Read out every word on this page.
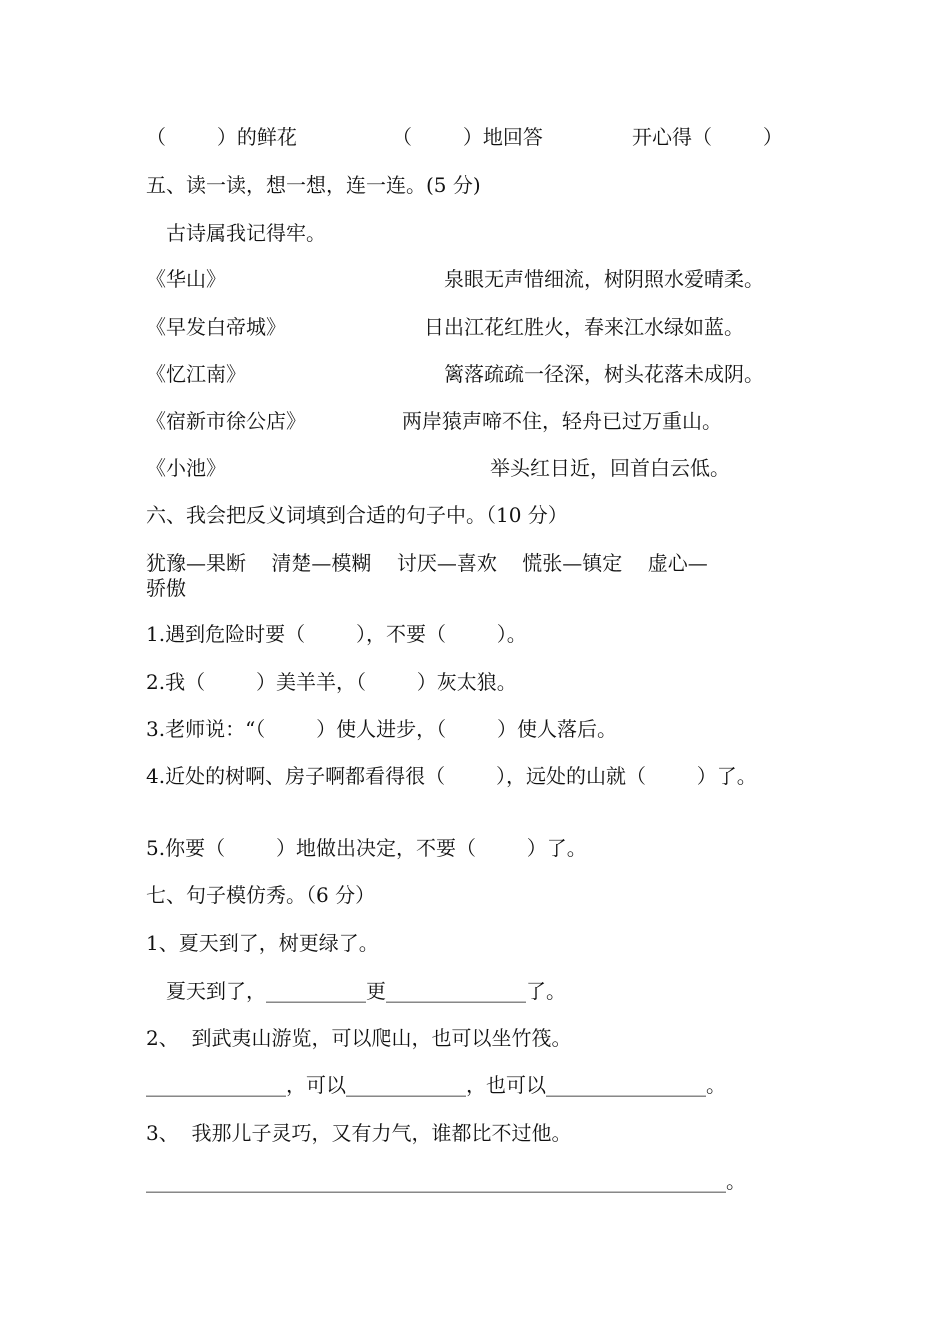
（        ）的鲜花	（        ）地回答	开心得（        ）
五、读一读，想一想，连一连。(5 分)
古诗属我记得牢。
《华山》	泉眼无声惜细流，树阴照水爱晴柔。
《早发白帝城》	日出江花红胜火，春来江水绿如蓝。
《忆江南》	篱落疏疏一径深，树头花落未成阴。
《宿新市徐公店》	两岸猿声啼不住，轻舟已过万重山。
《小池》	举头红日近，回首白云低。
六、我会把反义词填到合适的句子中。（10 分）
犹豫—果断    清楚—模糊    讨厌—喜欢    慌张—镇定    虚心—
骄傲
1.遇到危险时要（        ），不要（        ）。
2.我（        ）美羊羊，（        ）灰太狼。
3.老师说：“（        ）使人进步，（        ）使人落后。
4.近处的树啊、房子啊都看得很（        ），远处的山就（        ）了。
5.你要（        ）地做出决定，不要（        ）了。
七、句子模仿秀。（6 分）
1、夏天到了，树更绿了。
夏天到了，__________更______________了。
2、  到武夷山游览，可以爬山，也可以坐竹筏。
______________，可以____________，也可以________________。
3、  我那儿子灵巧，又有力气，谁都比不过他。
__________________________________________________________。
